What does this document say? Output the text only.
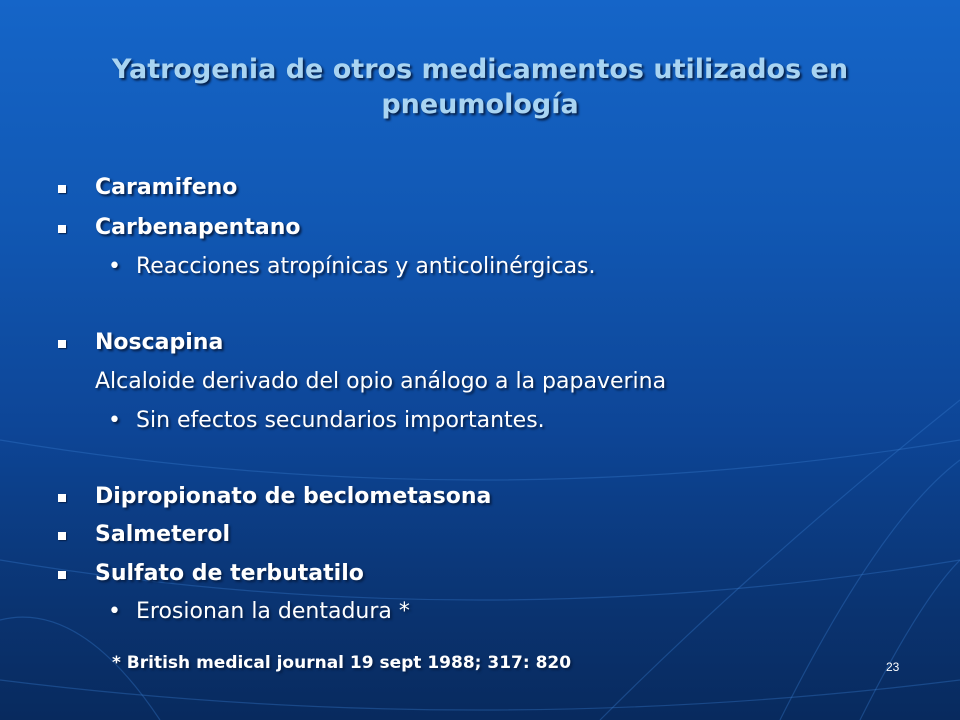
Yatrogenia de otros medicamentos utilizados en pneumología
Caramifeno
Carbenapentano
• Reacciones atropínicas y anticolinérgicas.
Noscapina
Alcaloide derivado del opio análogo a la papaverina
• Sin efectos secundarios importantes.
Dipropionato de beclometasona
Salmeterol
Sulfato de terbutatilo
• Erosionan la dentadura *
* British medical journal 19 sept 1988; 317: 820	23
